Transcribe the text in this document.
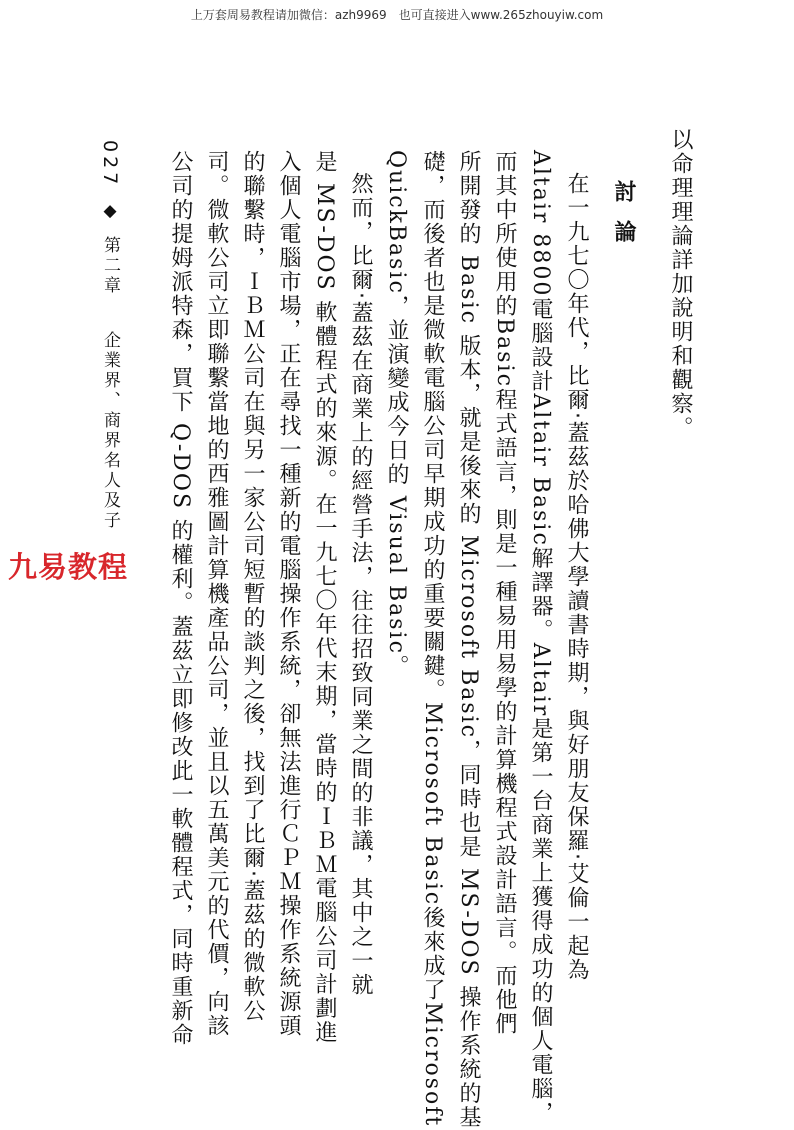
上万套周易教程请加微信：azh9969　也可直接进入www.265zhouyiw.com
以命理理論詳加說明和觀察。
討論
在一九七〇年代，比爾‧蓋茲於哈佛大學讀書時期，與好朋友保羅‧艾倫一起為
Altair 8800電腦設計Altair Basic解譯器。Altair是第一台商業上獲得成功的個人電腦，
而其中所使用的Basic程式語言，則是一種易用易學的計算機程式設計語言。而他們
所開發的 Basic 版本，就是後來的 Microsoft Basic，同時也是 MS-DOS 操作系統的基
礎，而後者也是微軟電腦公司早期成功的重要關鍵。Microsoft Basic後來成了Microsoft
QuickBasic，並演變成今日的 Visual Basic。
然而，比爾‧蓋茲在商業上的經營手法，往往招致同業之間的非議，其中之一就
是 MS-DOS 軟體程式的來源。在一九七〇年代末期，當時的ＩＢＭ電腦公司計劃進
入個人電腦市場，正在尋找一種新的電腦操作系統，卻無法進行ＣＰＭ操作系統源頭
的聯繫時，ＩＢＭ公司在與另一家公司短暫的談判之後，找到了比爾‧蓋茲的微軟公
司。微軟公司立即聯繫當地的西雅圖計算機產品公司，並且以五萬美元的代價，向該
公司的提姆派特森，買下 Q-DOS 的權利。蓋茲立即修改此一軟體程式，同時重新命
027 ◆ 第二章  企業界、商界名人及子
九易教程
